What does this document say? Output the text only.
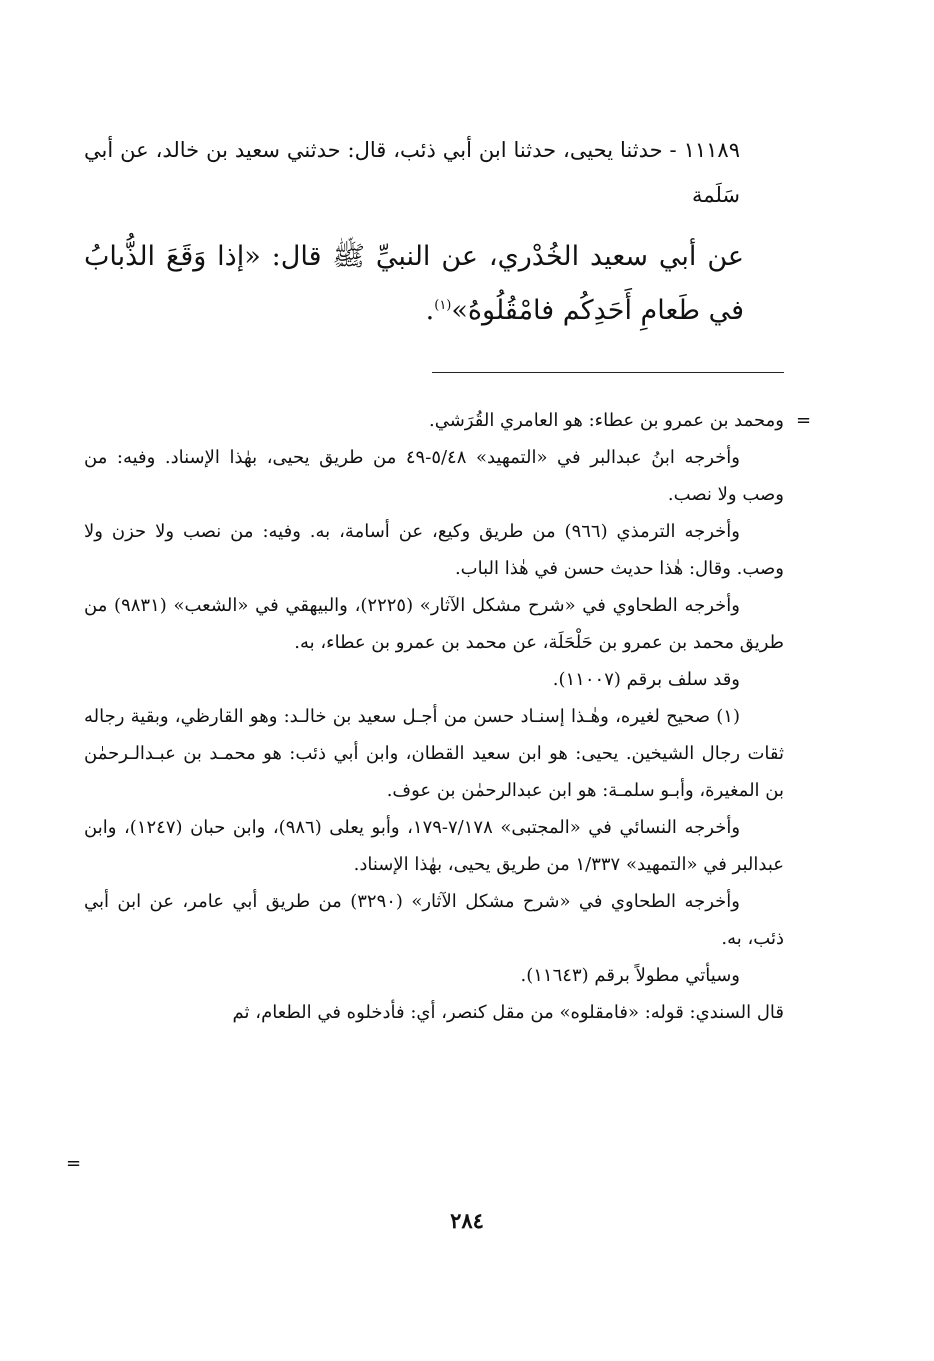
١١١٨٩ - حدثنا يحيى، حدثنا ابن أبي ذئب، قال: حدثني سعيد بن خالد، عن أبي سَلَمة
عن أبي سعيد الخُدْري، عن النبيِّ ﷺ قال: «إذا وَقَعَ الذُّبابُ في طَعامِ أَحَدِكُم فامْقُلُوهُ»$^{(١)}$.
=

ومحمد بن عمرو بن عطاء: هو العامري القُرَشي.

وأخرجه ابنُ عبدالبر في «التمهيد» ٥/٤٨-٤٩ من طريق يحيى، بهٰذا الإسناد. وفيه: من وصب ولا نصب.

وأخرجه الترمذي (٩٦٦) من طريق وكيع، عن أسامة، به. وفيه: من نصب ولا حزن ولا وصب. وقال: هٰذا حديث حسن في هٰذا الباب.

وأخرجه الطحاوي في «شرح مشكل الآثار» (٢٢٢٥)، والبيهقي في «الشعب» (٩٨٣١) من طريق محمد بن عمرو بن حَلْحَلَة، عن محمد بن عمرو بن عطاء، به.

وقد سلف برقم (١١٠٠٧).

(١) صحيح لغيره، وهٰـذا إسنـاد حسن من أجـل سعيد بن خالـد: وهو القارظي، وبقية رجاله ثقات رجال الشيخين. يحيى: هو ابن سعيد القطان، وابن أبي ذئب: هو محمـد بن عبـدالـرحمٰن بن المغيرة، وأبـو سلمـة: هو ابن عبدالرحمٰن بن عوف.

وأخرجه النسائي في «المجتبى» ٧/١٧٨-١٧٩، وأبو يعلى (٩٨٦)، وابن حبان (١٢٤٧)، وابن عبدالبر في «التمهيد» ١/٣٣٧ من طريق يحيى، بهٰذا الإسناد.

وأخرجه الطحاوي في «شرح مشكل الآثار» (٣٢٩٠) من طريق أبي عامر، عن ابن أبي ذئب، به.

وسيأتي مطولاً برقم (١١٦٤٣).

قال السندي: قوله: «فامقلوه» من مقل كنصر، أي: فأدخلوه في الطعام، ثم

=
٢٨٤
